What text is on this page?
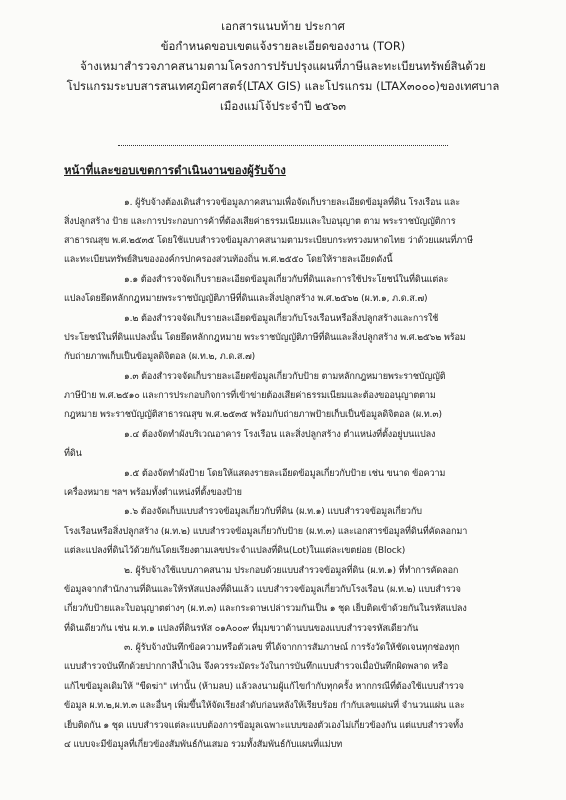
เอกสารแนบท้าย ประกาศ
ข้อกำหนดขอบเขตแจ้งรายละเอียดของงาน (TOR)
จ้างเหมาสำรวจภาคสนามตามโครงการปรับปรุงแผนที่ภาษีและทะเบียนทรัพย์สินด้วย
โปรแกรมระบบสารสนเทศภูมิศาสตร์(LTAX GIS) และโปรแกรม (LTAX๓๐๐๐)ของเทศบาล
เมืองแม่โจ้ประจำปี ๒๕๖๓
หน้าที่และขอบเขตการดำเนินงานของผู้รับจ้าง
๑. ผู้รับจ้างต้องเดินสำรวจข้อมูลภาคสนามเพื่อจัดเก็บรายละเอียดข้อมูลที่ดิน โรงเรือน และ
สิ่งปลูกสร้าง ป้าย และการประกอบการค้าที่ต้องเสียค่าธรรมเนียมและใบอนุญาต ตาม พระราชบัญญัติการ
สาธารณสุข พ.ศ.๒๕๓๕ โดยใช้แบบสำรวจข้อมูลภาคสนามตามระเบียบกระทรวงมหาดไทย ว่าด้วยแผนที่ภาษี
และทะเบียนทรัพย์สินขององค์กรปกครองส่วนท้องถิ่น พ.ศ.๒๕๕๐ โดยให้รายละเอียดดังนี้
๑.๑ ต้องสำรวจจัดเก็บรายละเอียดข้อมูลเกี่ยวกับที่ดินและการใช้ประโยชน์ในที่ดินแต่ละ
แปลงโดยยึดหลักกฎหมายพระราชบัญญัติภาษีที่ดินและสิ่งปลูกสร้าง พ.ศ.๒๕๖๒ (ผ.ท.๑, ภ.ด.ส.๗)
๑.๒ ต้องสำรวจจัดเก็บรายละเอียดข้อมูลเกี่ยวกับโรงเรือนหรือสิ่งปลูกสร้างและการใช้
ประโยชน์ในที่ดินแปลงนั้น โดยยึดหลักกฎหมาย พระราชบัญญัติภาษีที่ดินและสิ่งปลูกสร้าง พ.ศ.๒๕๖๒ พร้อม
กับถ่ายภาพเก็บเป็นข้อมูลดิจิตอล (ผ.ท.๒, ภ.ด.ส.๗)
๑.๓ ต้องสำรวจจัดเก็บรายละเอียดข้อมูลเกี่ยวกับป้าย ตามหลักกฎหมายพระราชบัญญัติ
ภาษีป้าย พ.ศ.๒๕๑๐ และการประกอบกิจการที่เข้าข่ายต้องเสียค่าธรรมเนียมและต้องขออนุญาตตาม
กฎหมาย พระราชบัญญัติสาธารณสุข พ.ศ.๒๕๓๕ พร้อมกับถ่ายภาพป้ายเก็บเป็นข้อมูลดิจิตอล (ผ.ท.๓)
๑.๔ ต้องจัดทำผังบริเวณอาคาร โรงเรือน และสิ่งปลูกสร้าง ตำแหน่งที่ตั้งอยู่บนแปลง
ที่ดิน
๑.๕ ต้องจัดทำผังป้าย โดยให้แสดงรายละเอียดข้อมูลเกี่ยวกับป้าย เช่น ขนาด ข้อความ
เครื่องหมาย ฯลฯ พร้อมทั้งตำแหน่งที่ตั้งของป้าย
๑.๖ ต้องจัดเก็บแบบสำรวจข้อมูลเกี่ยวกับที่ดิน (ผ.ท.๑) แบบสำรวจข้อมูลเกี่ยวกับ
โรงเรือนหรือสิ่งปลูกสร้าง (ผ.ท.๒) แบบสำรวจข้อมูลเกี่ยวกับป้าย (ผ.ท.๓) และเอกสารข้อมูลที่ดินที่คัดลอกมา
แต่ละแปลงที่ดินไว้ด้วยกันโดยเรียงตามเลขประจำแปลงที่ดิน(Lot)ในแต่ละเขตย่อย (Block)
๒. ผู้รับจ้างใช้แบบภาคสนาม ประกอบด้วยแบบสำรวจข้อมูลที่ดิน (ผ.ท.๑) ที่ทำการคัดลอก
ข้อมูลจากสำนักงานที่ดินและให้รหัสแปลงที่ดินแล้ว แบบสำรวจข้อมูลเกี่ยวกับโรงเรือน (ผ.ท.๒) แบบสำรวจ
เกี่ยวกับป้ายและใบอนุญาตต่างๆ (ผ.ท.๓) และกระดาษเปล่ารวมกันเป็น ๑ ชุด เย็บติดเข้าด้วยกันในรหัสแปลง
ที่ดินเดียวกัน เช่น ผ.ท.๑ แปลงที่ดินรหัส ๐๑A๐๐๙ ที่มุมขวาด้านบนของแบบสำรวจรหัสเดียวกัน
๓. ผู้รับจ้างบันทึกข้อความหรือตัวเลข ที่ได้จากการสัมภาษณ์ การรังวัดให้ชัดเจนทุกช่องทุก
แบบสำรวจบันทึกด้วยปากกาสีน้ำเงิน จึงควรระมัดระวังในการบันทึกแบบสำรวจเมื่อบันทึกผิดพลาด หรือ
แก้ไขข้อมูลเดิมให้ "ขีดฆ่า" เท่านั้น (ห้ามลบ) แล้วลงนามผู้แก้ไขกำกับทุกครั้ง หากกรณีที่ต้องใช้แบบสำรวจ
ข้อมูล ผ.ท.๒,ผ.ท.๓ และอื่นๆ เพิ่มขึ้นให้จัดเรียงลำดับก่อนหลังให้เรียบร้อย กำกับเลขแผ่นที่ จำนวนแผ่น และ
เย็บติดกัน ๑ ชุด แบบสำรวจแต่ละแบบต้องการข้อมูลเฉพาะแบบของตัวเองไม่เกี่ยวข้องกัน แต่แบบสำรวจทั้ง
๔ แบบจะมีข้อมูลที่เกี่ยวข้องสัมพันธ์กันเสมอ รวมทั้งสัมพันธ์กับแผนที่แม่บท
